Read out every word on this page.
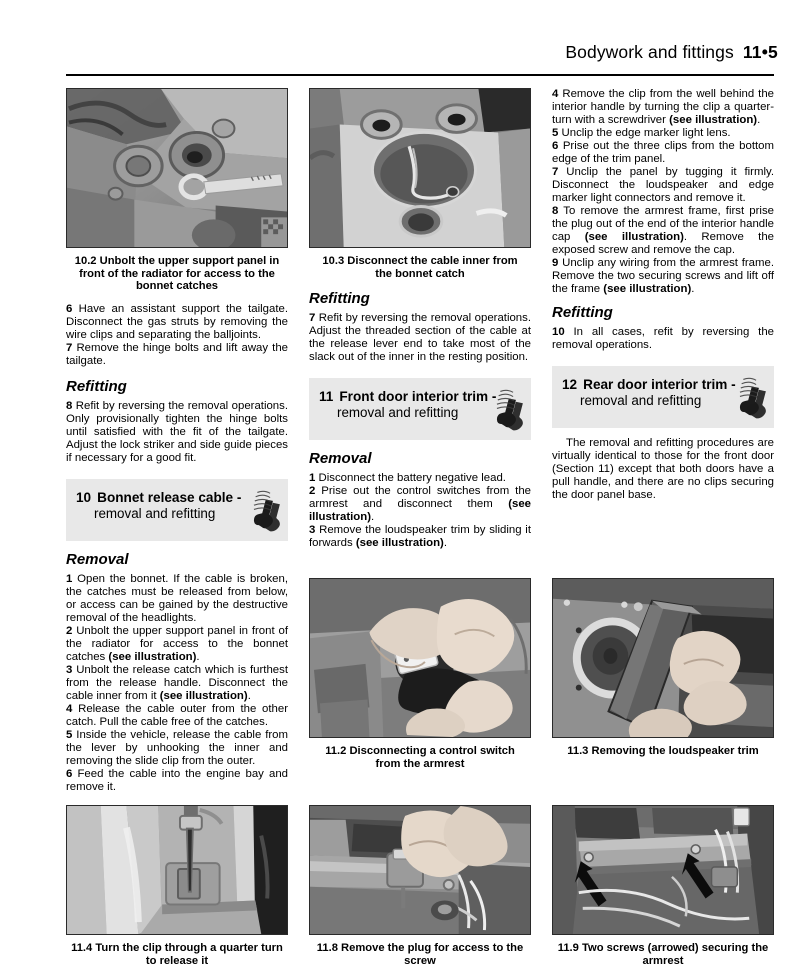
Bodywork and fittings 11•5
10.2 Unbolt the upper support panel in front of the radiator for access to the bonnet catches

6 Have an assistant support the tailgate. Disconnect the gas struts by removing the wire clips and separating the balljoints.

7 Remove the hinge bolts and lift away the tailgate.

Refitting

8 Refit by reversing the removal operations. Only provisionally tighten the hinge bolts until satisfied with the fit of the tailgate. Adjust the lock striker and side guide pieces if necessary for a good fit.

10 Bonnet release cable -
removal and refitting
Removal

1 Open the bonnet. If the cable is broken, the catches must be released from below, or access can be gained by the destructive removal of the headlights.

2 Unbolt the upper support panel in front of the radiator for access to the bonnet catches (see illustration).

3 Unbolt the release catch which is furthest from the release handle. Disconnect the cable inner from it (see illustration).

4 Release the cable outer from the other catch. Pull the cable free of the catches.

5 Inside the vehicle, release the cable from the lever by unhooking the inner and removing the slide clip from the outer.

6 Feed the cable into the engine bay and remove it.

10.3 Disconnect the cable inner from the bonnet catch
Refitting

7 Refit by reversing the removal operations. Adjust the threaded section of the cable at the release lever end to take most of the slack out of the inner in the resting position.

11 Front door interior trim -
removal and refitting
Removal

1 Disconnect the battery negative lead.

2 Prise out the control switches from the armrest and disconnect them (see illustration).

3 Remove the loudspeaker trim by sliding it forwards (see illustration).

4 Remove the clip from the well behind the interior handle by turning the clip a quarter-turn with a screwdriver (see illustration).

5 Unclip the edge marker light lens.

6 Prise out the three clips from the bottom edge of the trim panel.

7 Unclip the panel by tugging it firmly. Disconnect the loudspeaker and edge marker light connectors and remove it.

8 To remove the armrest frame, first prise the plug out of the end of the interior handle cap (see illustration). Remove the exposed screw and remove the cap.

9 Unclip any wiring from the armrest frame. Remove the two securing screws and lift off the frame (see illustration).

Refitting

10 In all cases, refit by reversing the removal operations.

12 Rear door interior trim -
removal and refitting

The removal and refitting procedures are virtually identical to those for the front door (Section 11) except that both doors have a pull handle, and there are no clips securing the door panel base.

11.2 Disconnecting a control switch from the armrest
11.3 Removing the loudspeaker trim
11.4 Turn the clip through a quarter turn to release it
11.8 Remove the plug for access to the screw
11.9 Two screws (arrowed) securing the armrest
